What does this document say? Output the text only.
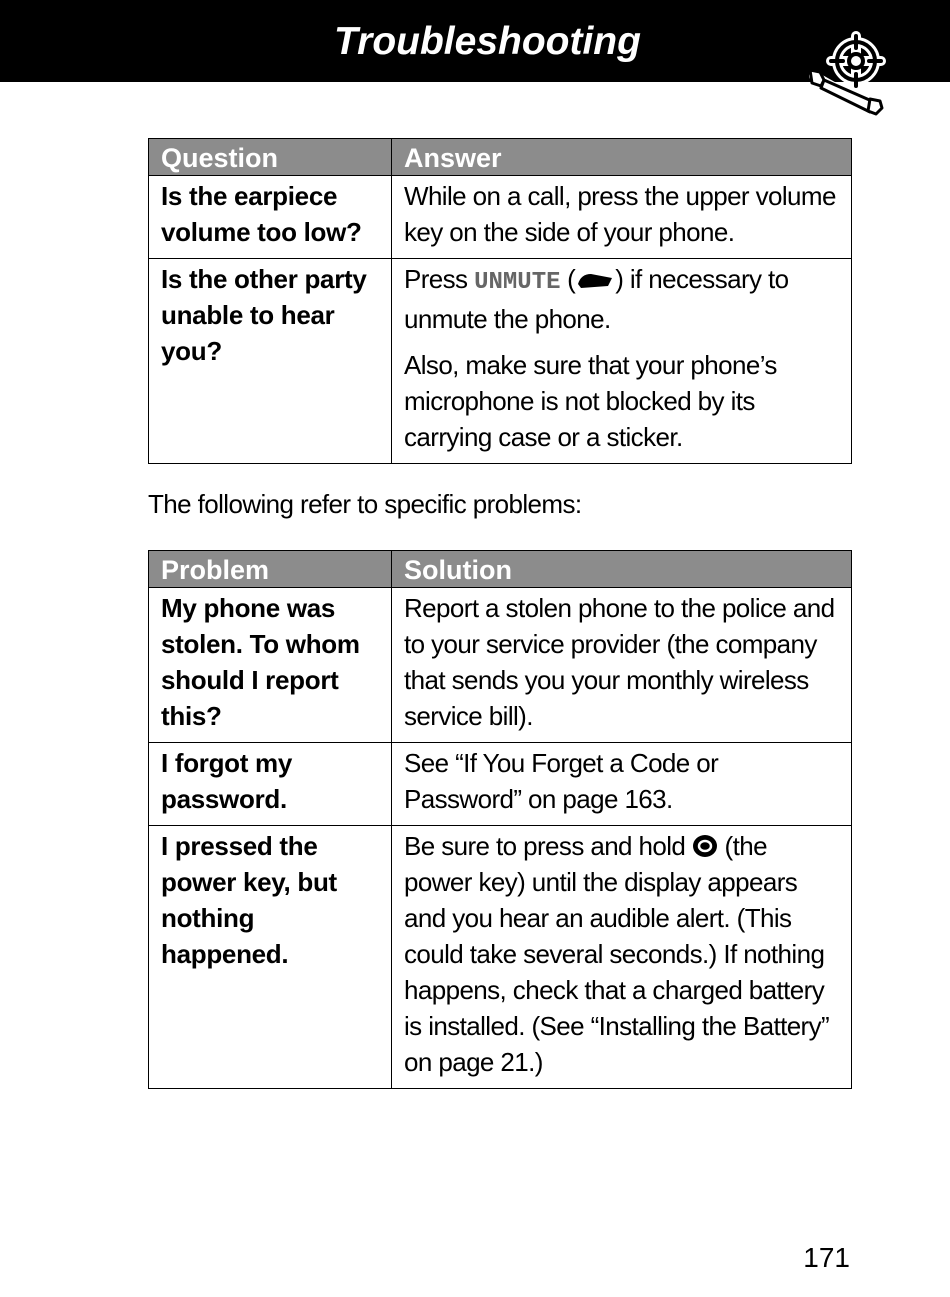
Troubleshooting
Question	Answer
Is the earpiece volume too low?	While on a call, press the upper volume key on the side of your phone.

Is the other party unable to hear you?	Press UNMUTE ( ) if necessary to unmute the phone.

Also, make sure that your phone’s microphone is not blocked by its carrying case or a sticker.

The following refer to specific problems:
Problem	Solution
My phone was stolen. To whom should I report this?	Report a stolen phone to the police and to your service provider (the company that sends you your monthly wireless service bill).

I forgot my password.	See “If You Forget a Code or Password” on page 163.

I pressed the power key, but nothing happened.	Be sure to press and hold  (the power key) until the display appears and you hear an audible alert. (This could take several seconds.) If nothing happens, check that a charged battery is installed. (See “Installing the Battery” on page 21.)

171
